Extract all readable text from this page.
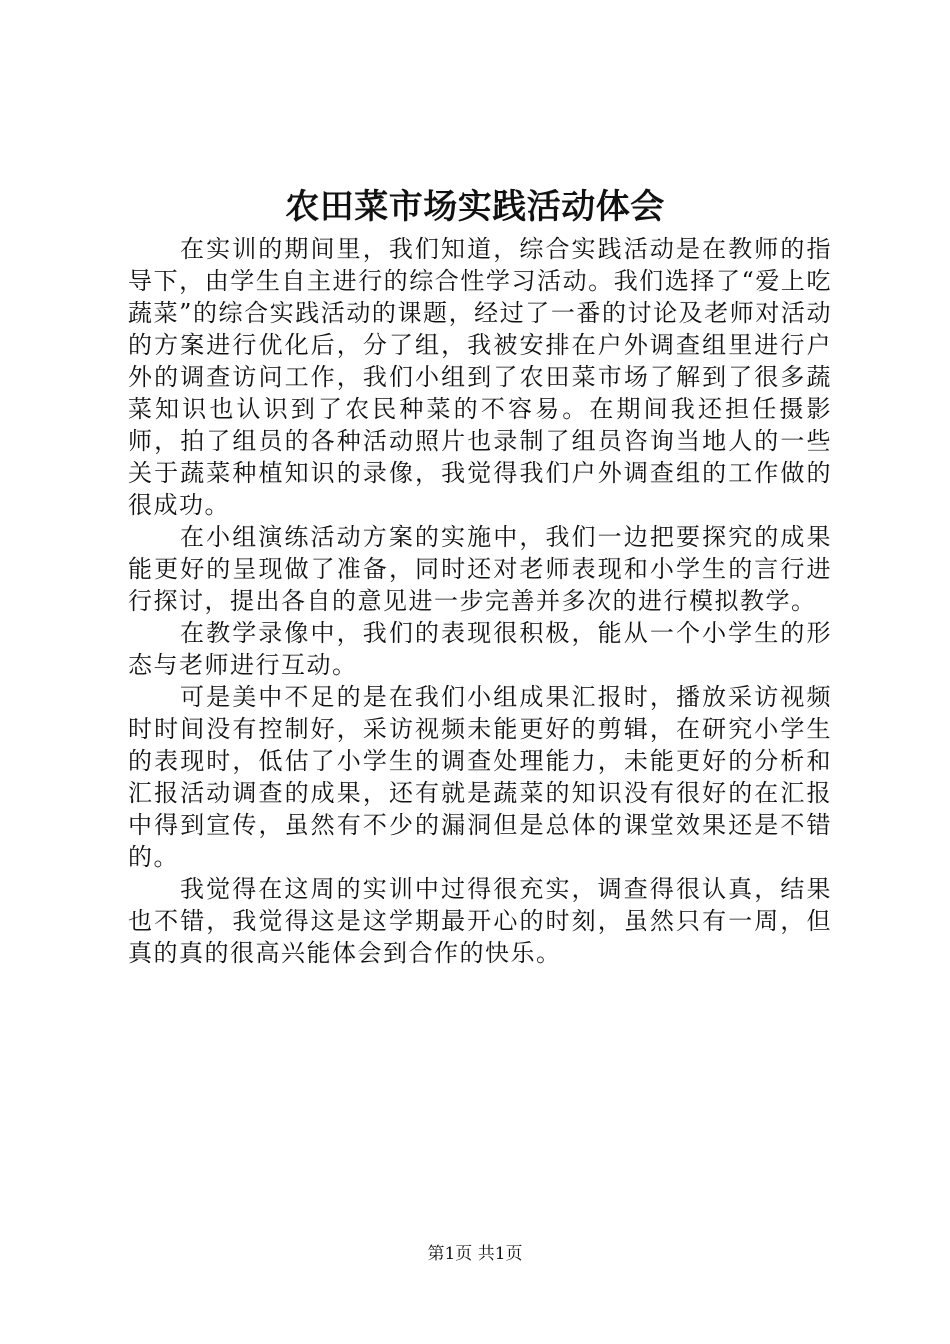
农田菜市场实践活动体会

在实训的期间里，我们知道，综合实践活动是在教师的指导下，由学生自主进行的综合性学习活动。我们选择了“爱上吃蔬菜”的综合实践活动的课题，经过了一番的讨论及老师对活动的方案进行优化后，分了组，我被安排在户外调查组里进行户外的调查访问工作，我们小组到了农田菜市场了解到了很多蔬菜知识也认识到了农民种菜的不容易。在期间我还担任摄影师，拍了组员的各种活动照片也录制了组员咨询当地人的一些关于蔬菜种植知识的录像，我觉得我们户外调查组的工作做的很成功。

在小组演练活动方案的实施中，我们一边把要探究的成果能更好的呈现做了准备，同时还对老师表现和小学生的言行进行探讨，提出各自的意见进一步完善并多次的进行模拟教学。

在教学录像中，我们的表现很积极，能从一个小学生的形态与老师进行互动。

可是美中不足的是在我们小组成果汇报时，播放采访视频时时间没有控制好，采访视频未能更好的剪辑，在研究小学生的表现时，低估了小学生的调查处理能力，未能更好的分析和汇报活动调查的成果，还有就是蔬菜的知识没有很好的在汇报中得到宣传，虽然有不少的漏洞但是总体的课堂效果还是不错的。

我觉得在这周的实训中过得很充实，调查得很认真，结果也不错，我觉得这是这学期最开心的时刻，虽然只有一周，但真的真的很高兴能体会到合作的快乐。

第1页 共1页
